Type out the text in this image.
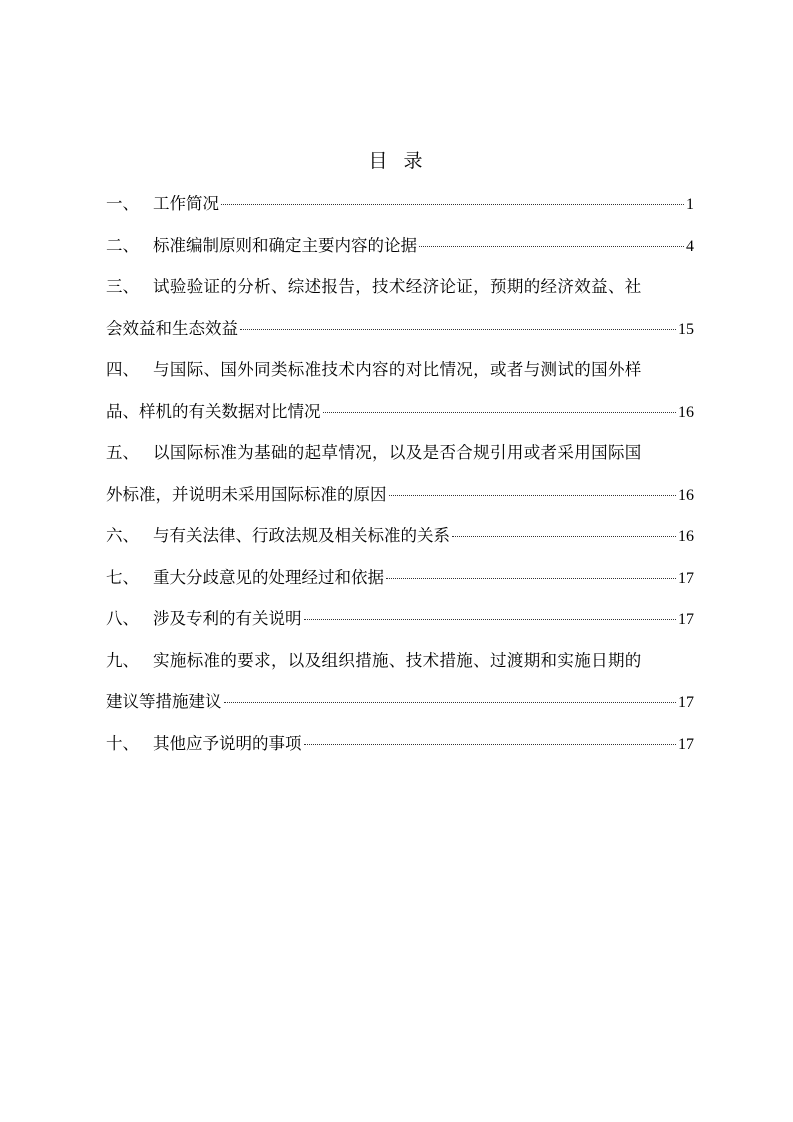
目 录
一、 工作简况	1
二、 标准编制原则和确定主要内容的论据	4
三、 试验验证的分析、综述报告，技术经济论证，预期的经济效益、社
会效益和生态效益	15
四、 与国际、国外同类标准技术内容的对比情况，或者与测试的国外样
品、样机的有关数据对比情况	16
五、 以国际标准为基础的起草情况，以及是否合规引用或者采用国际国
外标准，并说明未采用国际标准的原因	16
六、 与有关法律、行政法规及相关标准的关系	16
七、 重大分歧意见的处理经过和依据	17
八、 涉及专利的有关说明	17
九、 实施标准的要求，以及组织措施、技术措施、过渡期和实施日期的
建议等措施建议	17
十、 其他应予说明的事项	17
